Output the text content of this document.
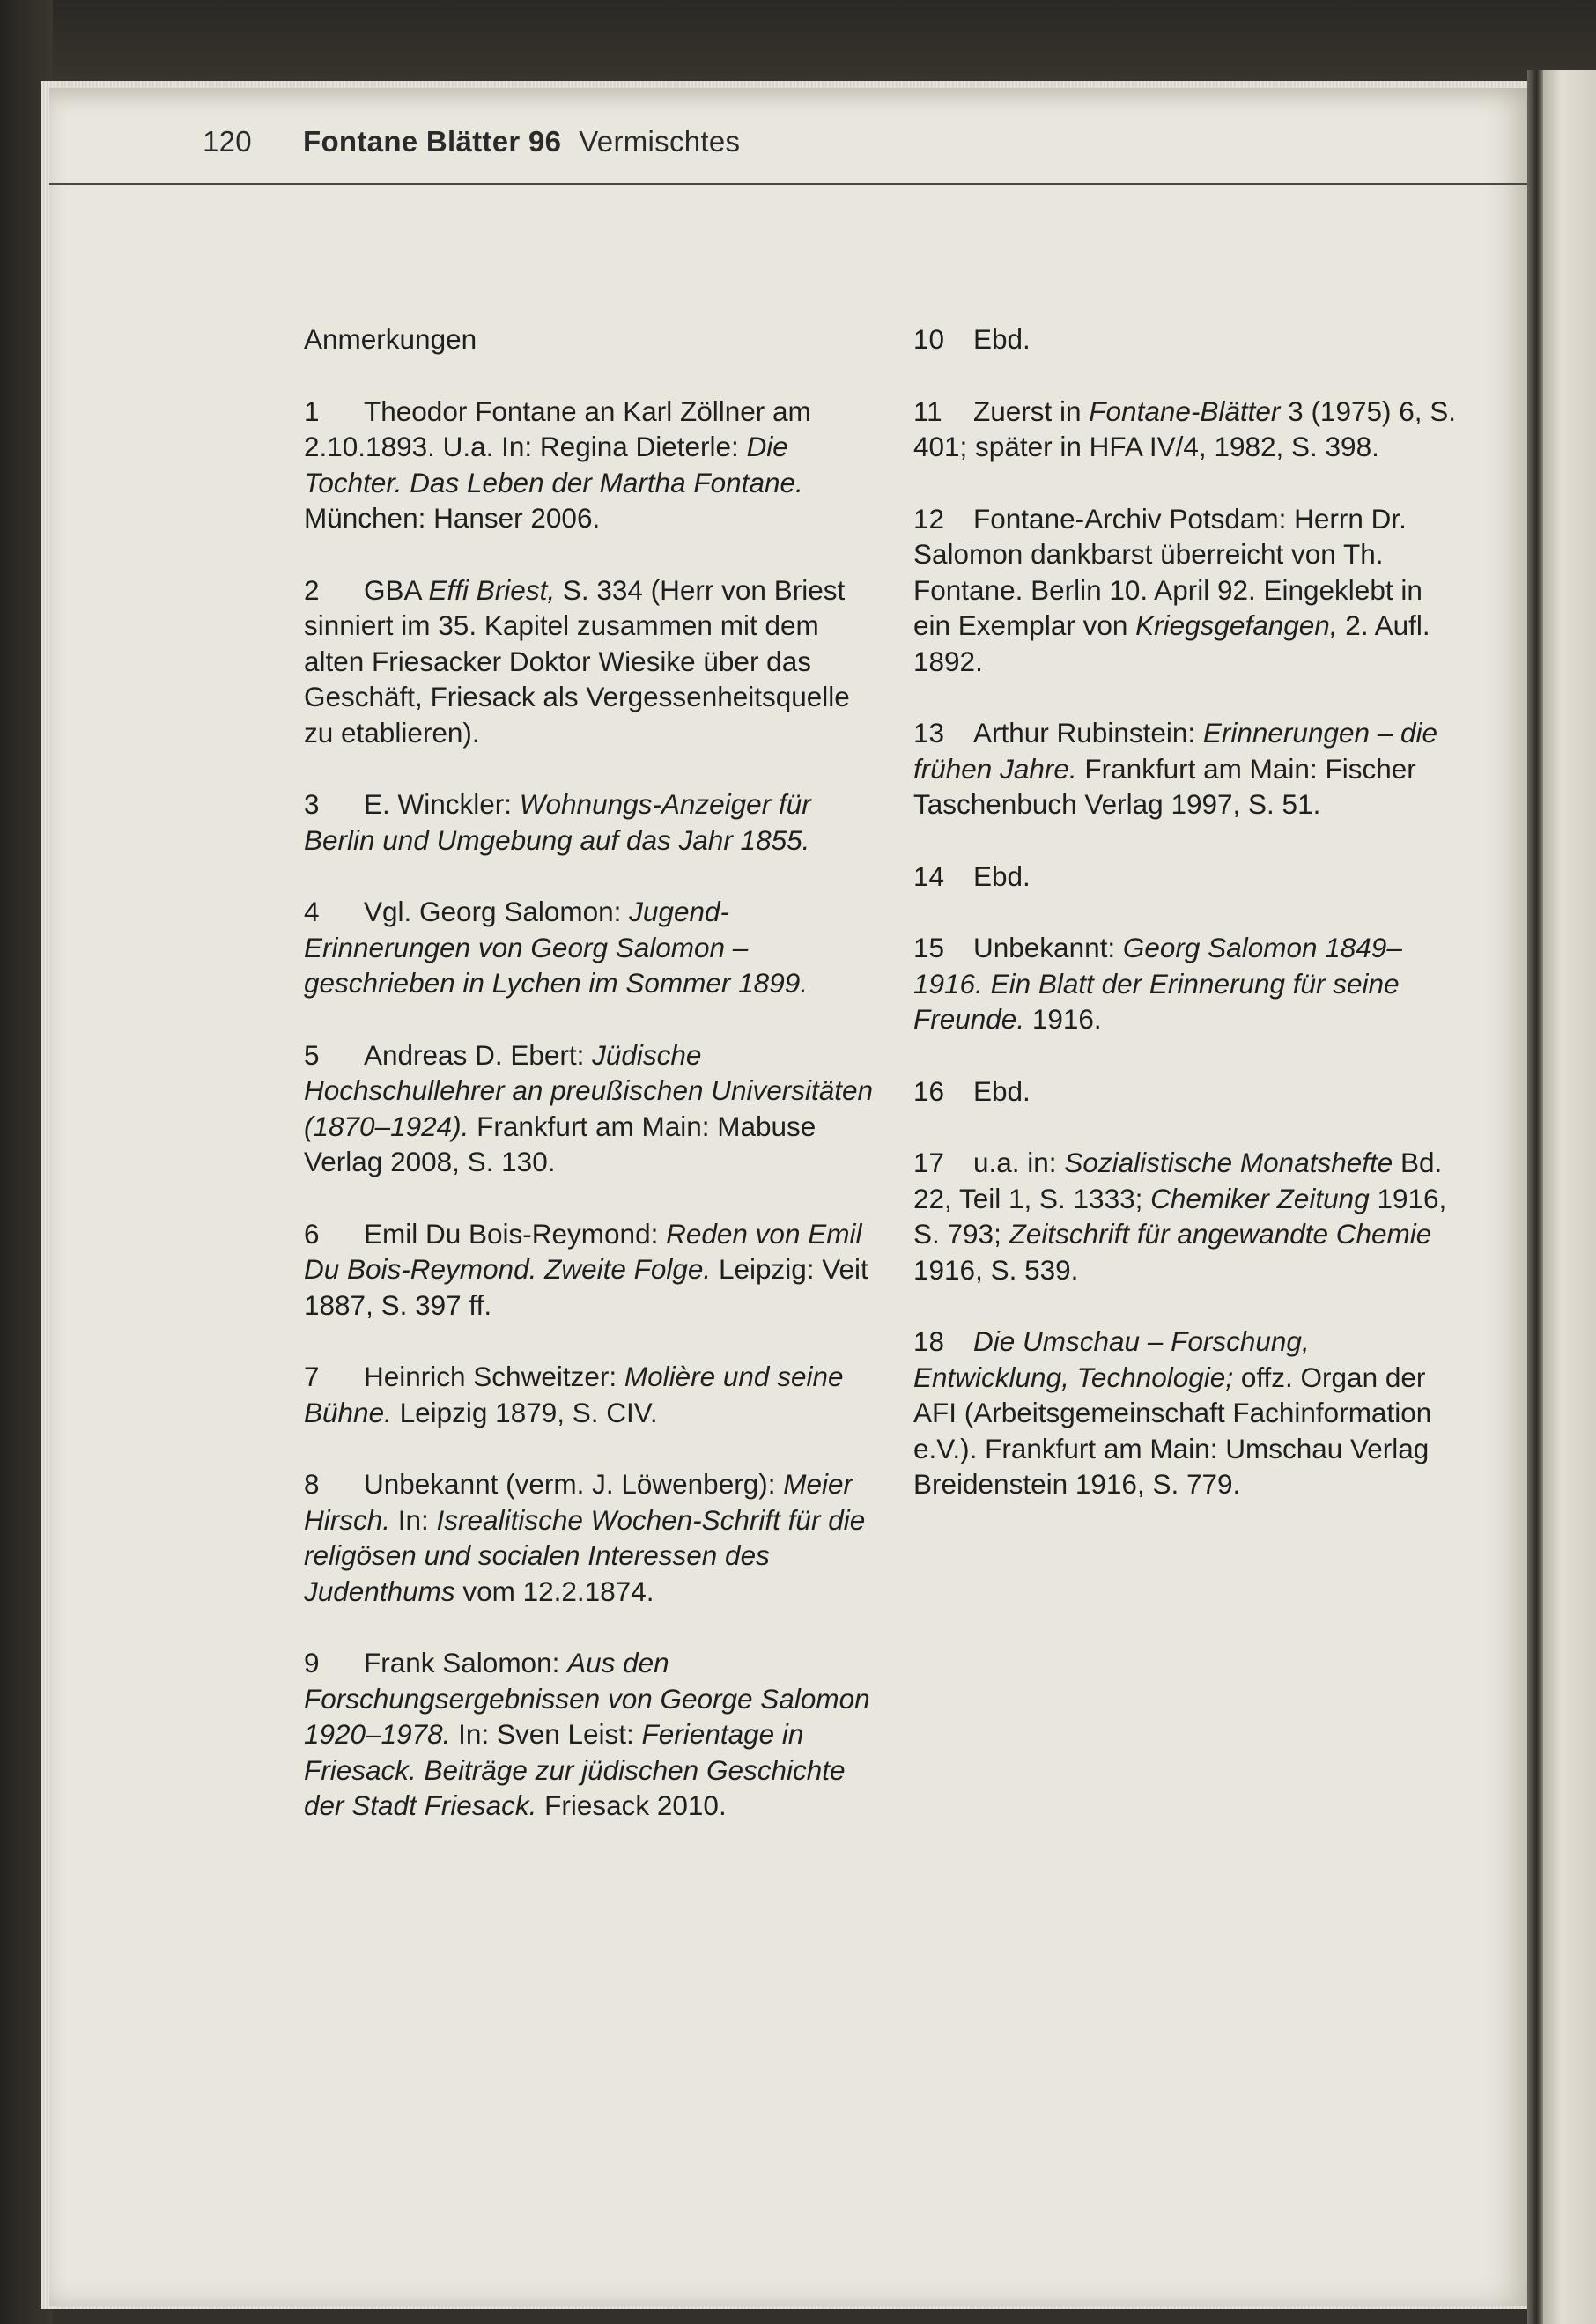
120 Fontane Blätter 96 Vermischtes

Anmerkungen

1 Theodor Fontane an Karl Zöllner am 2.10.1893. U.a. In: Regina Dieterle: Die Tochter. Das Leben der Martha Fontane. München: Hanser 2006.

2 GBA Effi Briest, S. 334 (Herr von Briest sinniert im 35. Kapitel zusammen mit dem alten Friesacker Doktor Wiesike über das Geschäft, Friesack als Vergessenheitsquelle zu etablieren).

3 E. Winckler: Wohnungs-Anzeiger für Berlin und Umgebung auf das Jahr 1855.

4 Vgl. Georg Salomon: Jugend-Erinnerungen von Georg Salomon – geschrieben in Lychen im Sommer 1899.

5 Andreas D. Ebert: Jüdische Hochschullehrer an preußischen Universitäten (1870–1924). Frankfurt am Main: Mabuse Verlag 2008, S. 130.

6 Emil Du Bois-Reymond: Reden von Emil Du Bois-Reymond. Zweite Folge. Leipzig: Veit 1887, S. 397 ff.

7 Heinrich Schweitzer: Molière und seine Bühne. Leipzig 1879, S. CIV.

8 Unbekannt (verm. J. Löwenberg): Meier Hirsch. In: Isrealitische Wochen-Schrift für die religösen und socialen Interessen des Judenthums vom 12.2.1874.

9 Frank Salomon: Aus den Forschungsergebnissen von George Salomon 1920–1978. In: Sven Leist: Ferientage in Friesack. Beiträge zur jüdischen Geschichte der Stadt Friesack. Friesack 2010.

10 Ebd.

11 Zuerst in Fontane-Blätter 3 (1975) 6, S. 401; später in HFA IV/4, 1982, S. 398.

12 Fontane-Archiv Potsdam: Herrn Dr. Salomon dankbarst überreicht von Th. Fontane. Berlin 10. April 92. Eingeklebt in ein Exemplar von Kriegsgefangen, 2. Aufl. 1892.

13 Arthur Rubinstein: Erinnerungen – die frühen Jahre. Frankfurt am Main: Fischer Taschenbuch Verlag 1997, S. 51.

14 Ebd.

15 Unbekannt: Georg Salomon 1849–1916. Ein Blatt der Erinnerung für seine Freunde. 1916.

16 Ebd.

17 u.a. in: Sozialistische Monatshefte Bd. 22, Teil 1, S. 1333; Chemiker Zeitung 1916, S. 793; Zeitschrift für angewandte Chemie 1916, S. 539.

18 Die Umschau – Forschung, Entwicklung, Technologie; offz. Organ der AFI (Arbeitsgemeinschaft Fachinformation e.V.). Frankfurt am Main: Umschau Verlag Breidenstein 1916, S. 779.
